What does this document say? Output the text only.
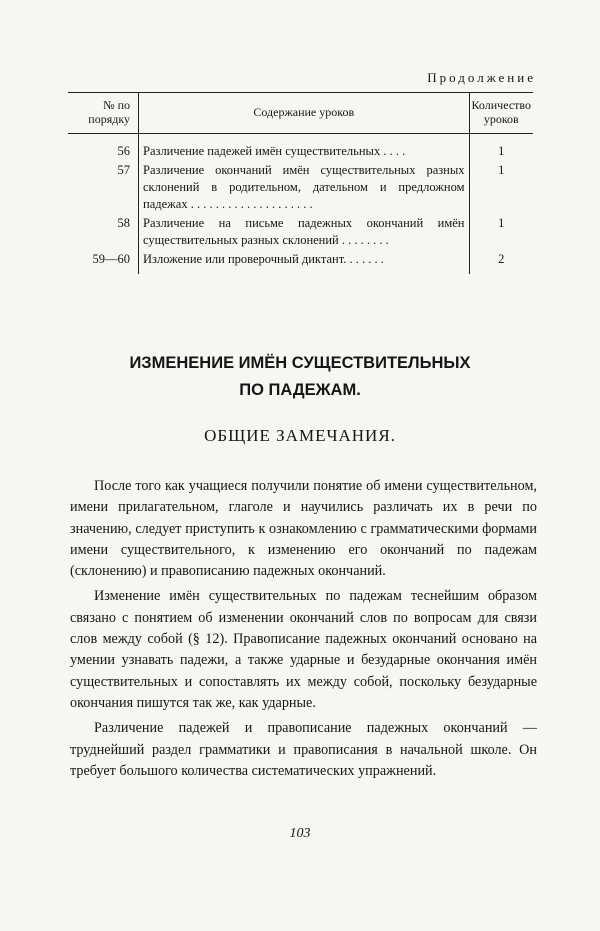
Продолжение
№ по порядку	Содержание уроков	Количество уроков
56	Различение падежей имён существительных . . . .	1
57	Различение окончаний имён существительных разных склонений в родительном, дательном и предложном падежах . . . . . . . . . . . . . . . . . . . .	1
58	Различение на письме падежных окончаний имён существительных разных склонений . . . . . . . .	1
59—60	Изложение или проверочный диктант. . . . . . .	2
ИЗМЕНЕНИЕ ИМЁН СУЩЕСТВИТЕЛЬНЫХ
ПО ПАДЕЖАМ.
ОБЩИЕ ЗАМЕЧАНИЯ.

После того как учащиеся получили понятие об имени существительном, имени прилагательном, глаголе и научились различать их в речи по значению, следует приступить к ознакомлению с грамматическими формами имени существительного, к изменению его окончаний по падежам (склонению) и правописанию падежных окончаний.

Изменение имён существительных по падежам теснейшим образом связано с понятием об изменении окончаний слов по вопросам для связи слов между собой (§ 12). Правописание падежных окончаний основано на умении узнавать падежи, а также ударные и безударные окончания имён существительных и сопоставлять их между собой, поскольку безударные окончания пишутся так же, как ударные.

Различение падежей и правописание падежных окончаний — труднейший раздел грамматики и правописания в начальной школе. Он требует большого количества систематических упражнений.

103
